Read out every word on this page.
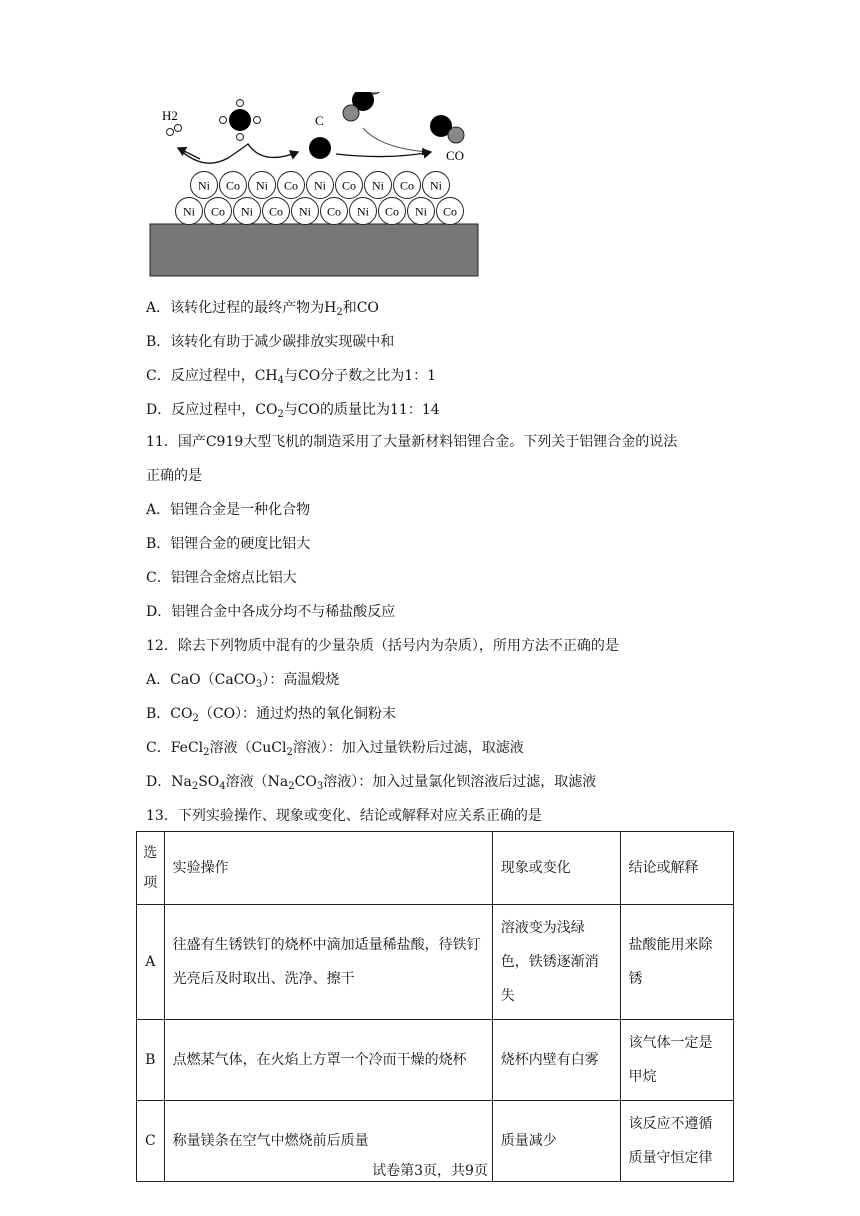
H2	C
CO
Ni Co Ni Co Ni Co Ni Co Ni
Ni Co Ni Co Ni Co Ni Co Ni Co
A．该转化过程的最终产物为$H_2$和CO
B．该转化有助于减少碳排放实现碳中和
C．反应过程中，$CH_4$与CO分子数之比为1：1
D．反应过程中，$CO_2$与CO的质量比为11：14
11．国产C919大型飞机的制造采用了大量新材料铝锂合金。下列关于铝锂合金的说法
正确的是
A．铝锂合金是一种化合物
B．铝锂合金的硬度比铝大
C．铝锂合金熔点比铝大
D．铝锂合金中各成分均不与稀盐酸反应
12．除去下列物质中混有的少量杂质（括号内为杂质），所用方法不正确的是
A．CaO（CaCO$_3$）：高温煅烧
B．$CO_2(CO)$：通过灼热的氧化铜粉末
C．FeCl$_2$溶液（CuCl$_2$溶液）：加入过量铁粉后过滤，取滤液
D．$Na_2SO_4$溶液（$Na_2CO_3$溶液）：加入过量氯化钡溶液后过滤，取滤液
13．下列实验操作、现象或变化、结论或解释对应关系正确的是
选项	实验操作	现象或变化	结论或解释
A	往盛有生锈铁钉的烧杯中滴加适量稀盐酸，待铁钉光亮后及时取出、洗净、擦干	溶液变为浅绿色，铁锈逐渐消失	盐酸能用来除锈
B	点燃某气体，在火焰上方罩一个冷而干燥的烧杯	烧杯内壁有白雾	该气体一定是甲烷
C	称量镁条在空气中燃烧前后质量	质量减少	该反应不遵循质量守恒定律
试卷第3页，共9页
